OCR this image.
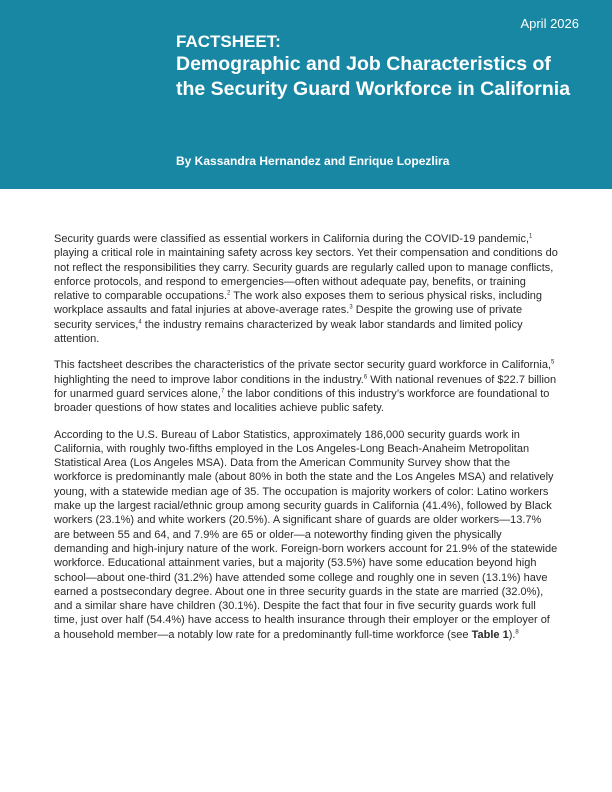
April 2026
FACTSHEET:
Demographic and Job Characteristics of the Security Guard Workforce in California
By Kassandra Hernandez and Enrique Lopezlira

Security guards were classified as essential workers in California during the COVID-19 pandemic,$^1$ playing a critical role in maintaining safety across key sectors. Yet their compensation and conditions do not reflect the responsibilities they carry. Security guards are regularly called upon to manage conflicts, enforce protocols, and respond to emergencies—often without adequate pay, benefits, or training relative to comparable occupations.$^2$ The work also exposes them to serious physical risks, including workplace assaults and fatal injuries at above-average rates.$^3$ Despite the growing use of private security services,$^4$ the industry remains characterized by weak labor standards and limited policy attention.

This factsheet describes the characteristics of the private sector security guard workforce in California,$^5$ highlighting the need to improve labor conditions in the industry.$^6$ With national revenues of $22.7 billion for unarmed guard services alone,$^7$ the labor conditions of this industry’s workforce are foundational to broader questions of how states and localities achieve public safety.

According to the U.S. Bureau of Labor Statistics, approximately 186,000 security guards work in California, with roughly two-fifths employed in the Los Angeles-Long Beach-Anaheim Metropolitan Statistical Area (Los Angeles MSA). Data from the American Community Survey show that the workforce is predominantly male (about 80% in both the state and the Los Angeles MSA) and relatively young, with a statewide median age of 35. The occupation is majority workers of color: Latino workers make up the largest racial/ethnic group among security guards in California (41.4%), followed by Black workers (23.1%) and white workers (20.5%). A significant share of guards are older workers—13.7% are between 55 and 64, and 7.9% are 65 or older—a noteworthy finding given the physically demanding and high-injury nature of the work. Foreign-born workers account for 21.9% of the statewide workforce. Educational attainment varies, but a majority (53.5%) have some education beyond high school—about one-third (31.2%) have attended some college and roughly one in seven (13.1%) have earned a postsecondary degree. About one in three security guards in the state are married (32.0%), and a similar share have children (30.1%). Despite the fact that four in five security guards work full time, just over half (54.4%) have access to health insurance through their employer or the employer of a household member—a notably low rate for a predominantly full-time workforce (see Table 1).$^8$
